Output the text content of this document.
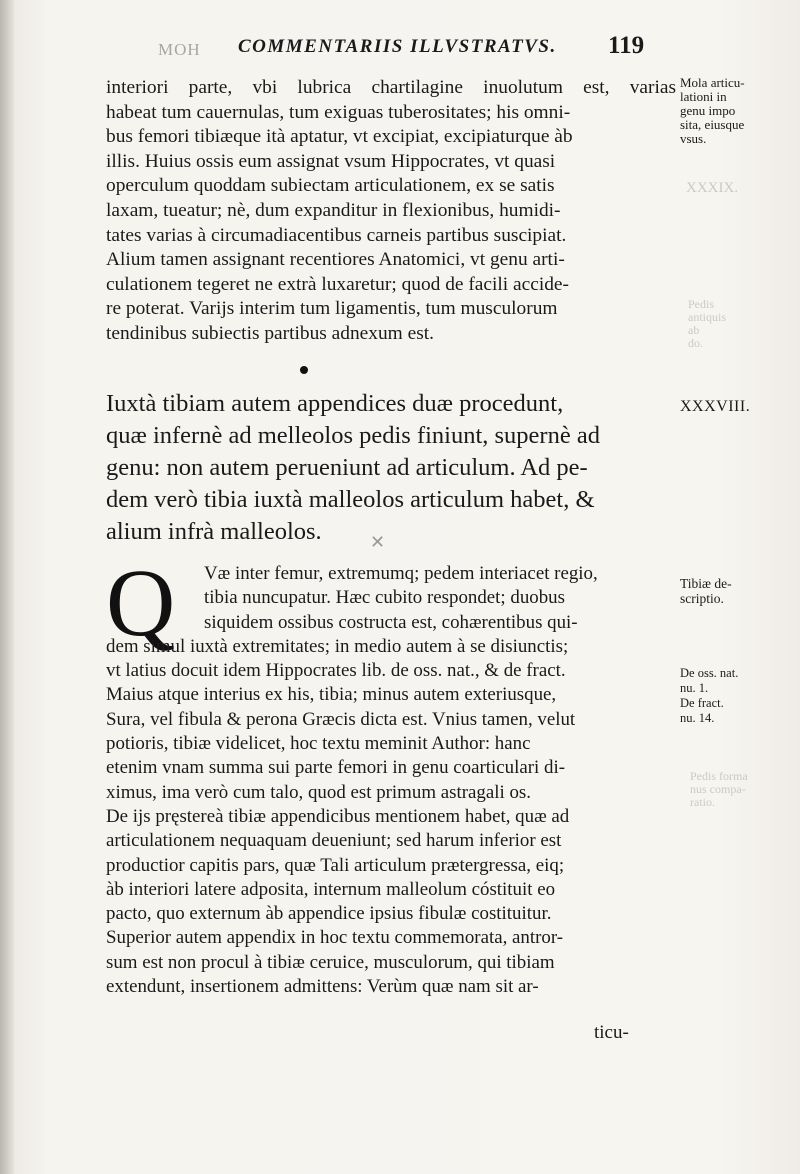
MOH COMMENTARIIS ILLVSTRATVS. 119
interiori parte, vbi lubrica chartilagine inuolutum est, varias
habeat tum cauernulas, tum exiguas tuberositates; his omni-
bus femori tibiæque ità aptatur, vt excipiat, excipiaturque àb
illis. Huius ossis eum assignat vsum Hippocrates, vt quasi
operculum quoddam subiectam articulationem, ex se satis
laxam, tueatur; nè, dum expanditur in flexionibus, humidi-
tates varias à circumadiacentibus carneis partibus suscipiat.
Alium tamen assignant recentiores Anatomici, vt genu arti-
culationem tegeret ne extrà luxaretur; quod de facili accide-
re poterat. Varijs interim tum ligamentis, tum musculorum
tendinibus subiectis partibus adnexum est.
Iuxtà tibiam autem appendices duæ procedunt,
quæ infernè ad melleolos pedis finiunt, supernè ad
genu: non autem perueniunt ad articulum. Ad pe-
dem verò tibia iuxtà malleolos articulum habet, &
alium infrà malleolos.	✕
Q	Væ inter femur, extremumq; pedem interiacet regio,
tibia nuncupatur. Hæc cubito respondet; duobus
siquidem ossibus costructa est, cohærentibus qui-
dem simul iuxtà extremitates; in medio autem à se disiunctis;
vt latius docuit idem Hippocrates lib. de oss. nat., & de fract.
Maius atque interius ex his, tibia; minus autem exteriusque,
Sura, vel fibula & perona Græcis dicta est. Vnius tamen, velut
potioris, tibiæ videlicet, hoc textu meminit Author: hanc
etenim vnam summa sui parte femori in genu coarticulari di-
ximus, ima verò cum talo, quod est primum astragali os.
De ijs pręstereà tibiæ appendicibus mentionem habet, quæ ad
articulationem nequaquam deueniunt; sed harum inferior est
productior capitis pars, quæ Tali articulum prætergressa, eiq;
àb interiori latere adposita, internum malleolum cóstituit eo
pacto, quo externum àb appendice ipsius fibulæ costituitur.
Superior autem appendix in hoc textu commemorata, antror-
sum est non procul à tibiæ ceruice, musculorum, qui tibiam
extendunt, insertionem admittens: Verùm quæ nam sit ar-
ticu-
Mola articu-
lationi in
genu impo
sita, eiusque
vsus.
XXXVIII.
Tibiæ de-
scriptio.
De oss. nat.
nu. 1.
De fract.
nu. 14.
XXXIX.
Pedis
antiquis
ab
do.
Pedis forma
nus compa-
ratio.
